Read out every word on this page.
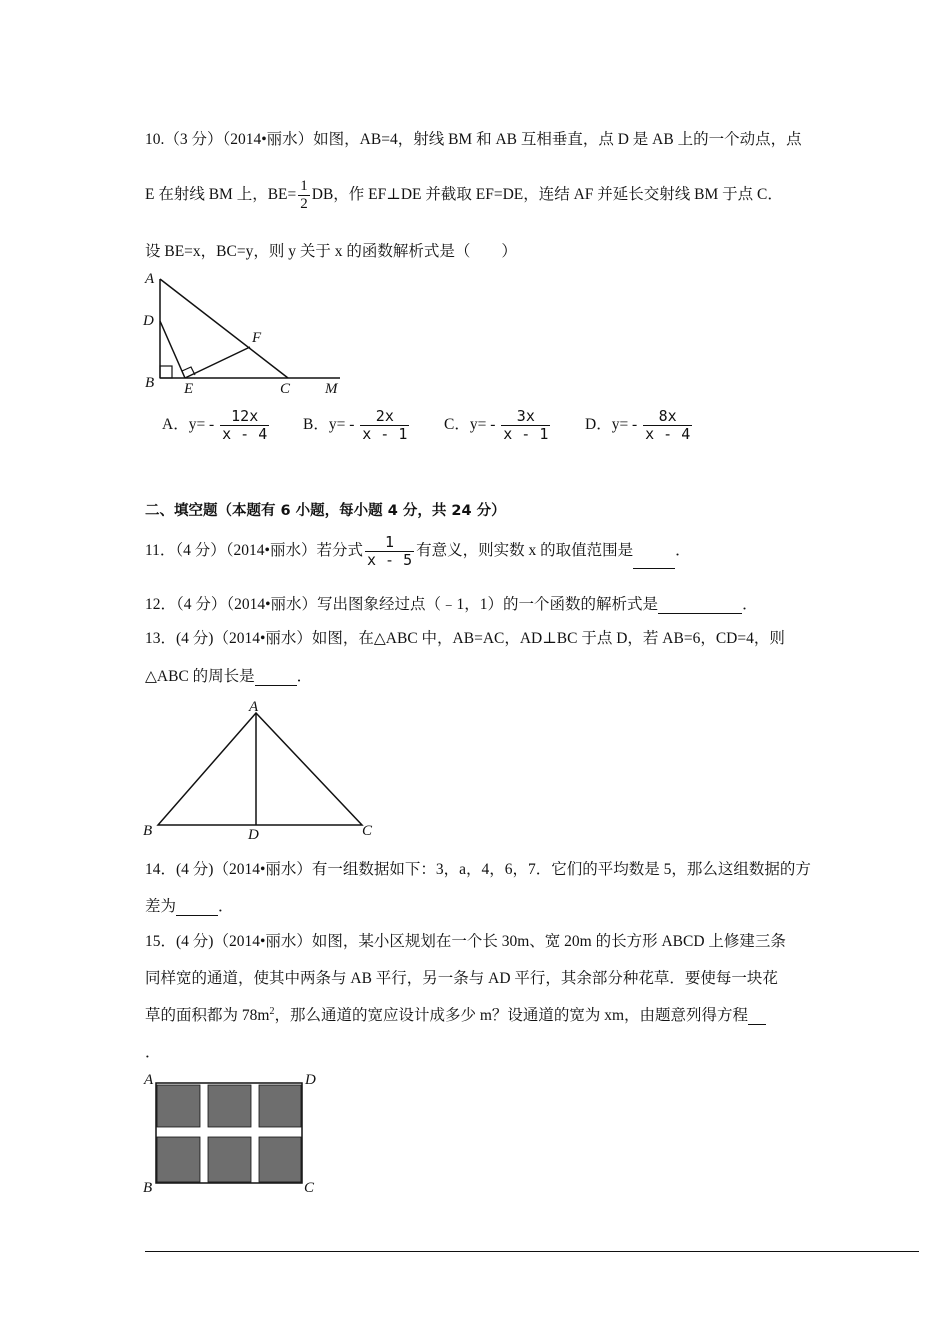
10.（3 分）（2014•丽水）如图，AB=4，射线 BM 和 AB 互相垂直，点 D 是 AB 上的一个动点，点
E 在射线 BM 上，$BE= \frac{1}{2}$ DB，作 EF⊥DE 并截取 EF=DE，连结 AF 并延长交射线 BM 于点 C．
设 BE=x，BC=y，则 y 关于 x 的函数解析式是（　　）
A
D
F
B E	C M
A．$y= - \frac{12x}{x - 4}$ B．$y= - \frac{2x}{x - 1}$ C．$y= - \frac{3x}{x - 1}$ D．$y= - \frac{8x}{x - 4}$
二、填空题（本题有 6 小题，每小题 4 分，共 24 分）
11．（4 分）（2014•丽水）若分式 $\frac{1}{x - 5}$ 有意义，则实数 x 的取值范围是	．
12．（4 分）（2014•丽水）写出图象经过点（﹣1，1）的一个函数的解析式是	．
13．(4 分)（2014•丽水）如图，在△ABC 中，AB=AC，AD⊥BC 于点 D，若 AB=6，CD=4，则
△ABC 的周长是	．
A
B	D	C
14．(4 分)（2014•丽水）有一组数据如下：3，a，4，6，7．它们的平均数是 5，那么这组数据的方
差为	．
15．(4 分)（2014•丽水）如图，某小区规划在一个长 30m、宽 20m 的长方形 ABCD 上修建三条
同样宽的通道，使其中两条与 AB 平行，另一条与 AD 平行，其余部分种花草．要使每一块花
草的面积都为 $78m^2$，那么通道的宽应设计成多少 m？设通道的宽为 xm，由题意列得方程
．
A	D
B	C
